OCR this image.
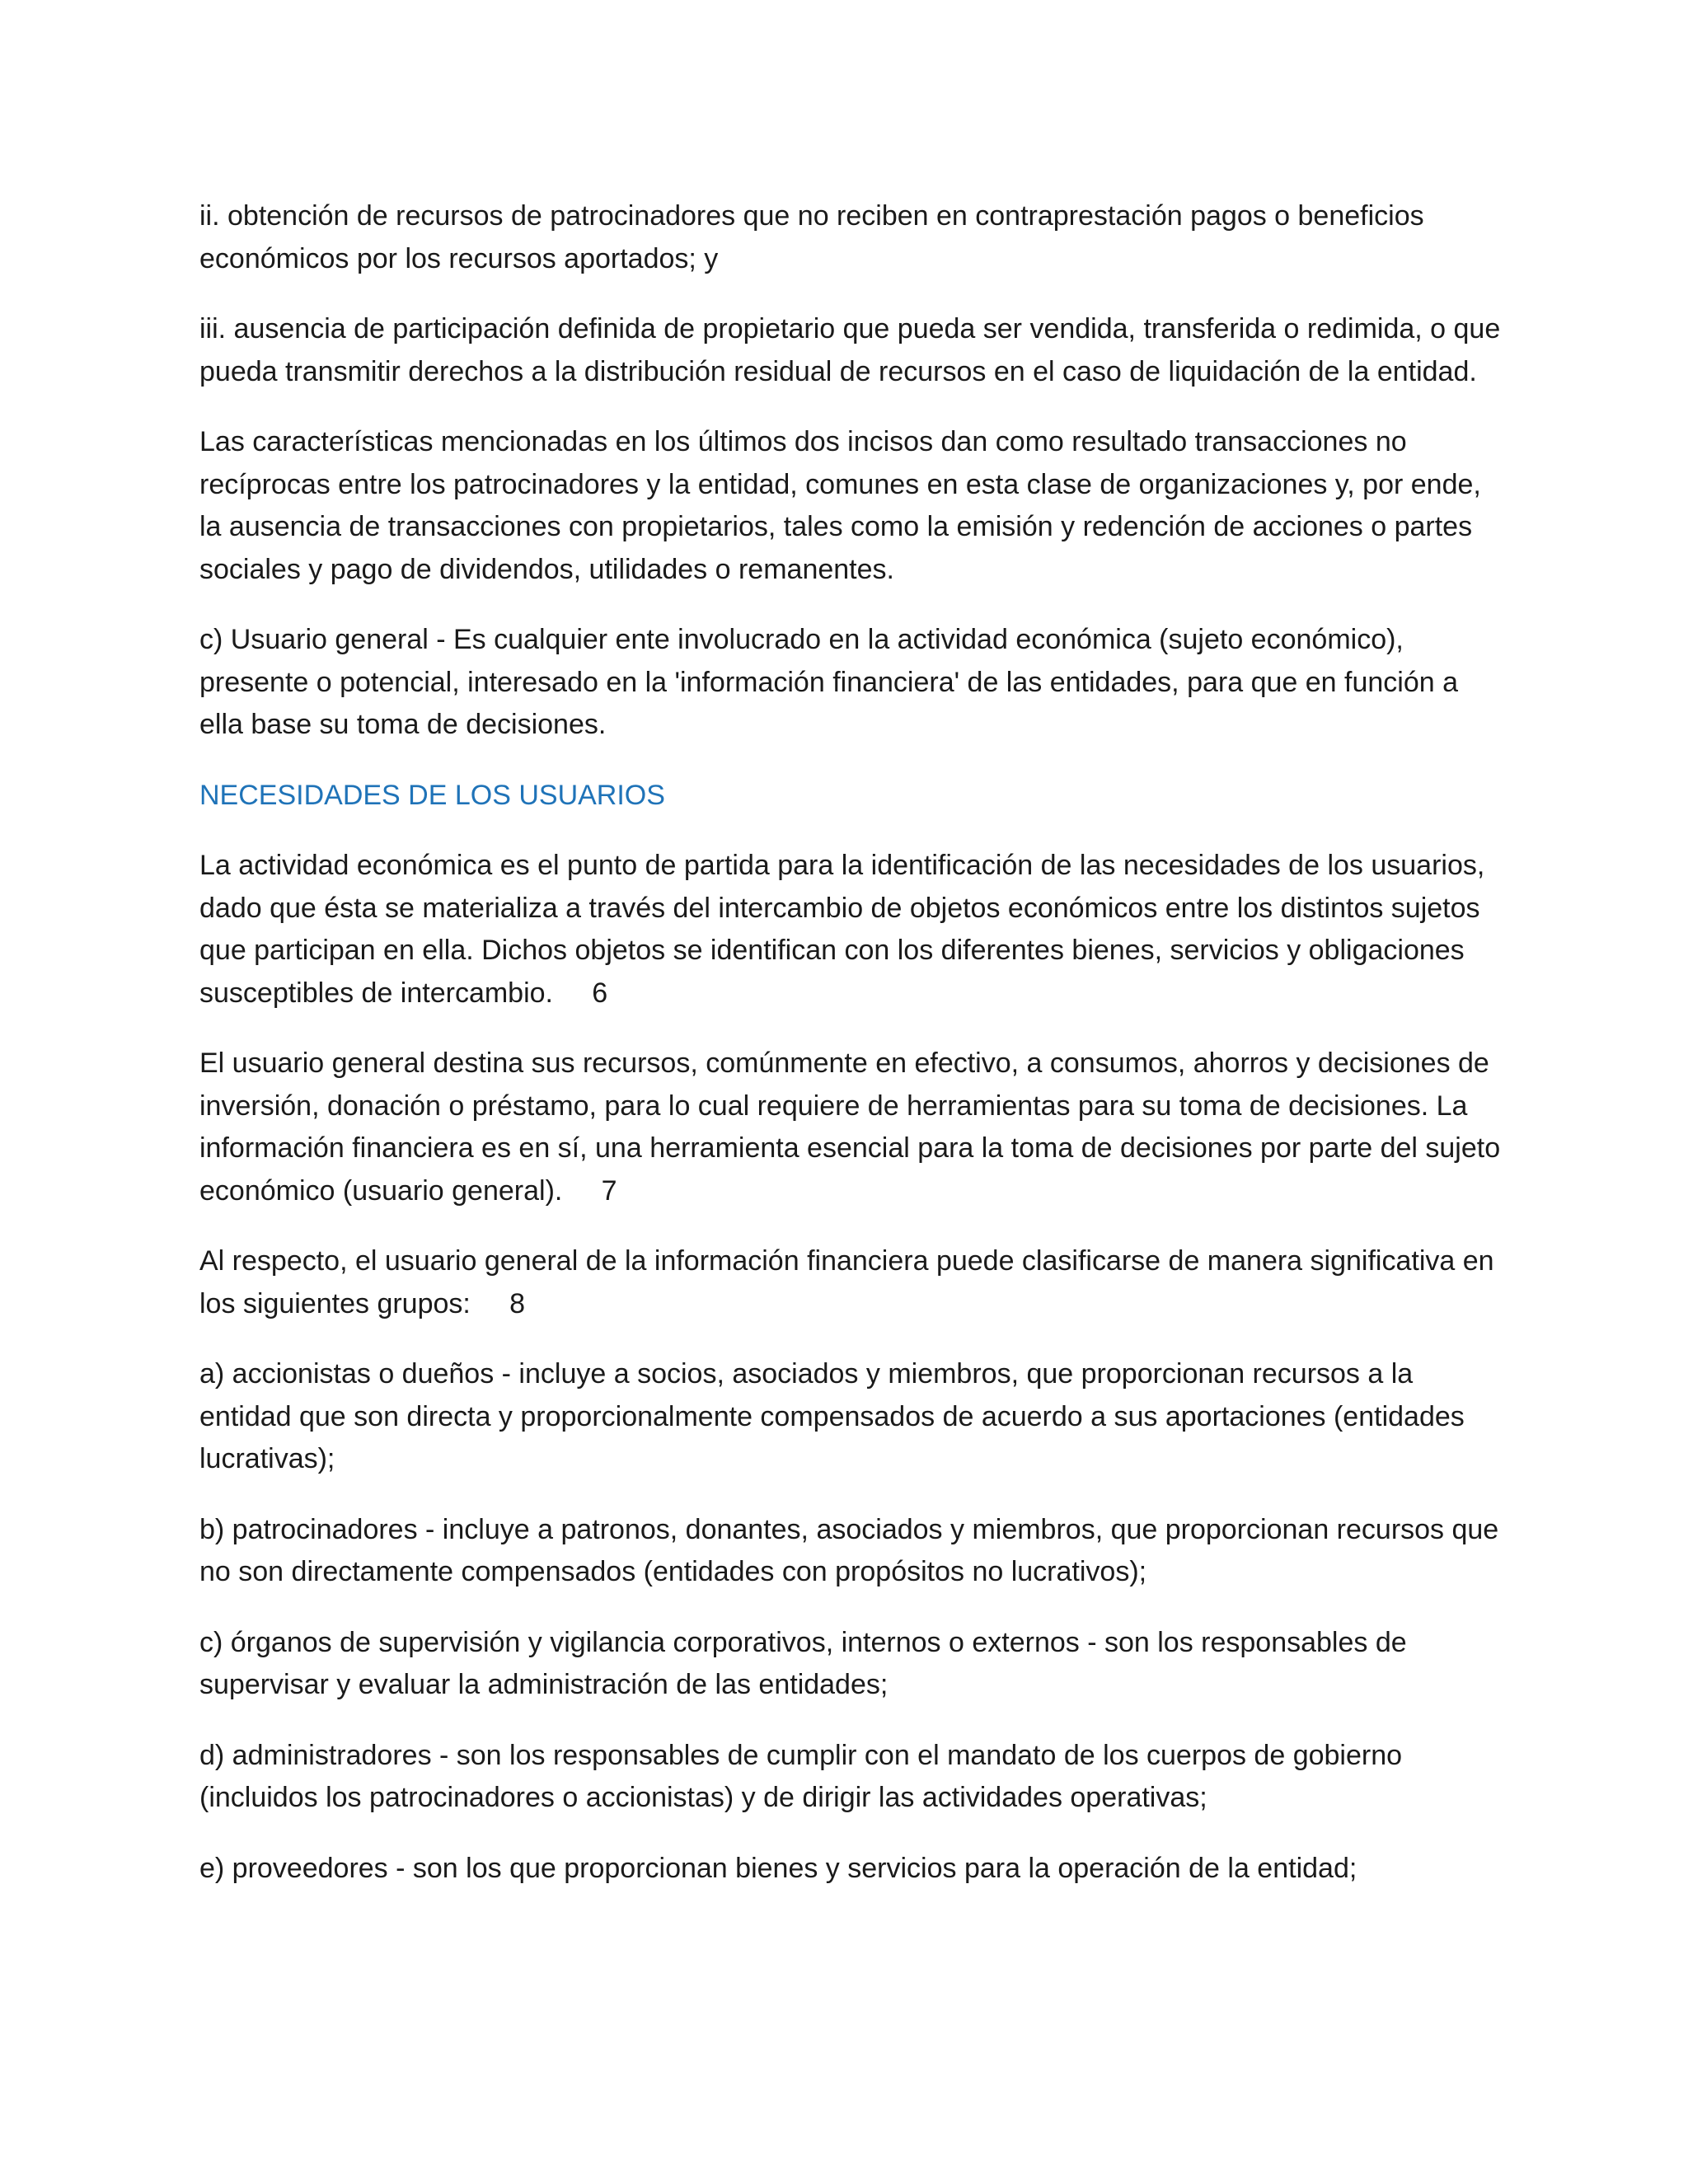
ii. obtención de recursos de patrocinadores que no reciben en contraprestación pagos o beneficios económicos por los recursos aportados; y

iii. ausencia de participación definida de propietario que pueda ser vendida, transferida o redimida, o que pueda transmitir derechos a la distribución residual de recursos en el caso de liquidación de la entidad.

Las características mencionadas en los últimos dos incisos dan como resultado transacciones no recíprocas entre los patrocinadores y la entidad, comunes en esta clase de organizaciones y, por ende, la ausencia de transacciones con propietarios, tales como la emisión y redención de acciones o partes sociales y pago de dividendos, utilidades o remanentes.

c) Usuario general - Es cualquier ente involucrado en la actividad económica (sujeto económico), presente o potencial, interesado en la 'información financiera' de las entidades, para que en función a ella base su toma de decisiones.

NECESIDADES DE LOS USUARIOS

La actividad económica es el punto de partida para la identificación de las necesidades de los usuarios, dado que ésta se materializa a través del intercambio de objetos económicos entre los distintos sujetos que participan en ella. Dichos objetos se identifican con los diferentes bienes, servicios y obligaciones susceptibles de intercambio.     6

El usuario general destina sus recursos, comúnmente en efectivo, a consumos, ahorros y decisiones de inversión, donación o préstamo, para lo cual requiere de herramientas para su toma de decisiones. La información financiera es en sí, una herramienta esencial para la toma de decisiones por parte del sujeto económico (usuario general).     7

Al respecto, el usuario general de la información financiera puede clasificarse de manera significativa en los siguientes grupos:     8

a) accionistas o dueños - incluye a socios, asociados y miembros, que proporcionan recursos a la entidad que son directa y proporcionalmente compensados de acuerdo a sus aportaciones (entidades lucrativas);

b) patrocinadores - incluye a patronos, donantes, asociados y miembros, que proporcionan recursos que no son directamente compensados (entidades con propósitos no lucrativos);

c) órganos de supervisión y vigilancia corporativos, internos o externos - son los responsables de supervisar y evaluar la administración de las entidades;

d) administradores - son los responsables de cumplir con el mandato de los cuerpos de gobierno (incluidos los patrocinadores o accionistas) y de dirigir las actividades operativas;

e) proveedores - son los que proporcionan bienes y servicios para la operación de la entidad;
